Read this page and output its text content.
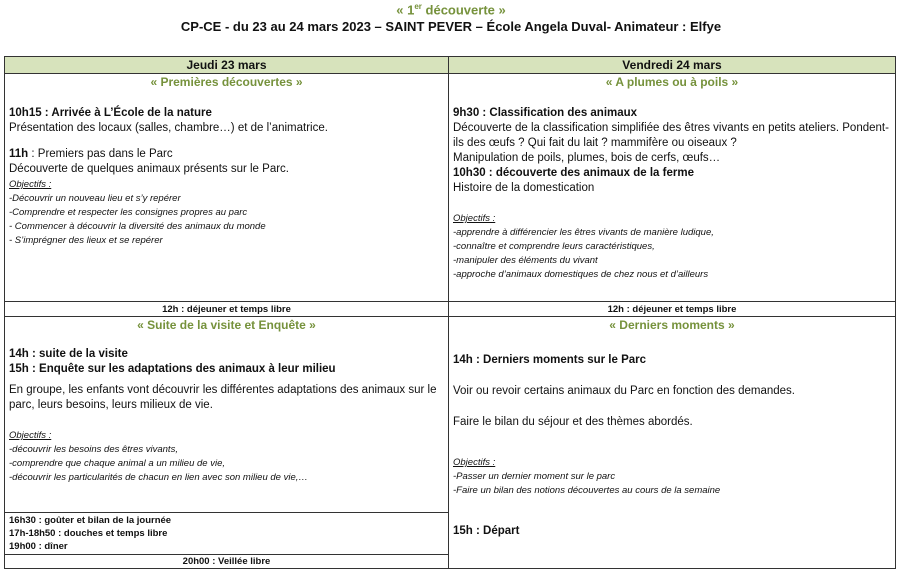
« 1er découverte »
CP-CE - du 23 au 24 mars 2023 – SAINT PEVER – École Angela Duval- Animateur : Elfye
Jeudi 23 mars	Vendredi 24 mars
« Premières découvertes »

10h15 : Arrivée à L’École de la nature

Présentation des locaux (salles, chambre…) et de l’animatrice.

11h : Premiers pas dans le Parc

Découverte de quelques animaux présents sur le Parc.

Objectifs :

-Découvrir un nouveau lieu et s’y repérer

-Comprendre et respecter les consignes propres au parc

- Commencer à découvrir la diversité des animaux du monde

- S’imprégner des lieux et se repérer

« A plumes ou à poils »

9h30 : Classification des animaux

Découverte de la classification simplifiée des êtres vivants en petits ateliers. Pondent-ils des œufs ? Qui fait du lait ? mammifère ou oiseaux ?

Manipulation de poils, plumes, bois de cerfs, œufs…

10h30 : découverte des animaux de la ferme

Histoire de la domestication

Objectifs :

-apprendre à différencier les êtres vivants de manière ludique,

-connaître et comprendre leurs caractéristiques,

-manipuler des éléments du vivant

-approche d’animaux domestiques de chez nous et d’ailleurs

12h : déjeuner et temps libre	12h : déjeuner et temps libre
« Suite de la visite et Enquête »

14h : suite de la visite

15h : Enquête sur les adaptations des animaux à leur milieu

En groupe, les enfants vont découvrir les différentes adaptations des animaux sur le parc, leurs besoins, leurs milieux de vie.

Objectifs :

-découvrir les besoins des êtres vivants,

-comprendre que chaque animal a un milieu de vie,

-découvrir les particularités de chacun en lien avec son milieu de vie,…

16h30 : goûter et bilan de la journée

17h-18h50 : douches et temps libre

19h00 : dîner

20h00 : Veillée libre
« Derniers moments »

14h : Derniers moments sur le Parc

Voir ou revoir certains animaux du Parc en fonction des demandes.

Faire le bilan du séjour et des thèmes abordés.

Objectifs :

-Passer un dernier moment sur le parc

-Faire un bilan des notions découvertes au cours de la semaine

15h : Départ
